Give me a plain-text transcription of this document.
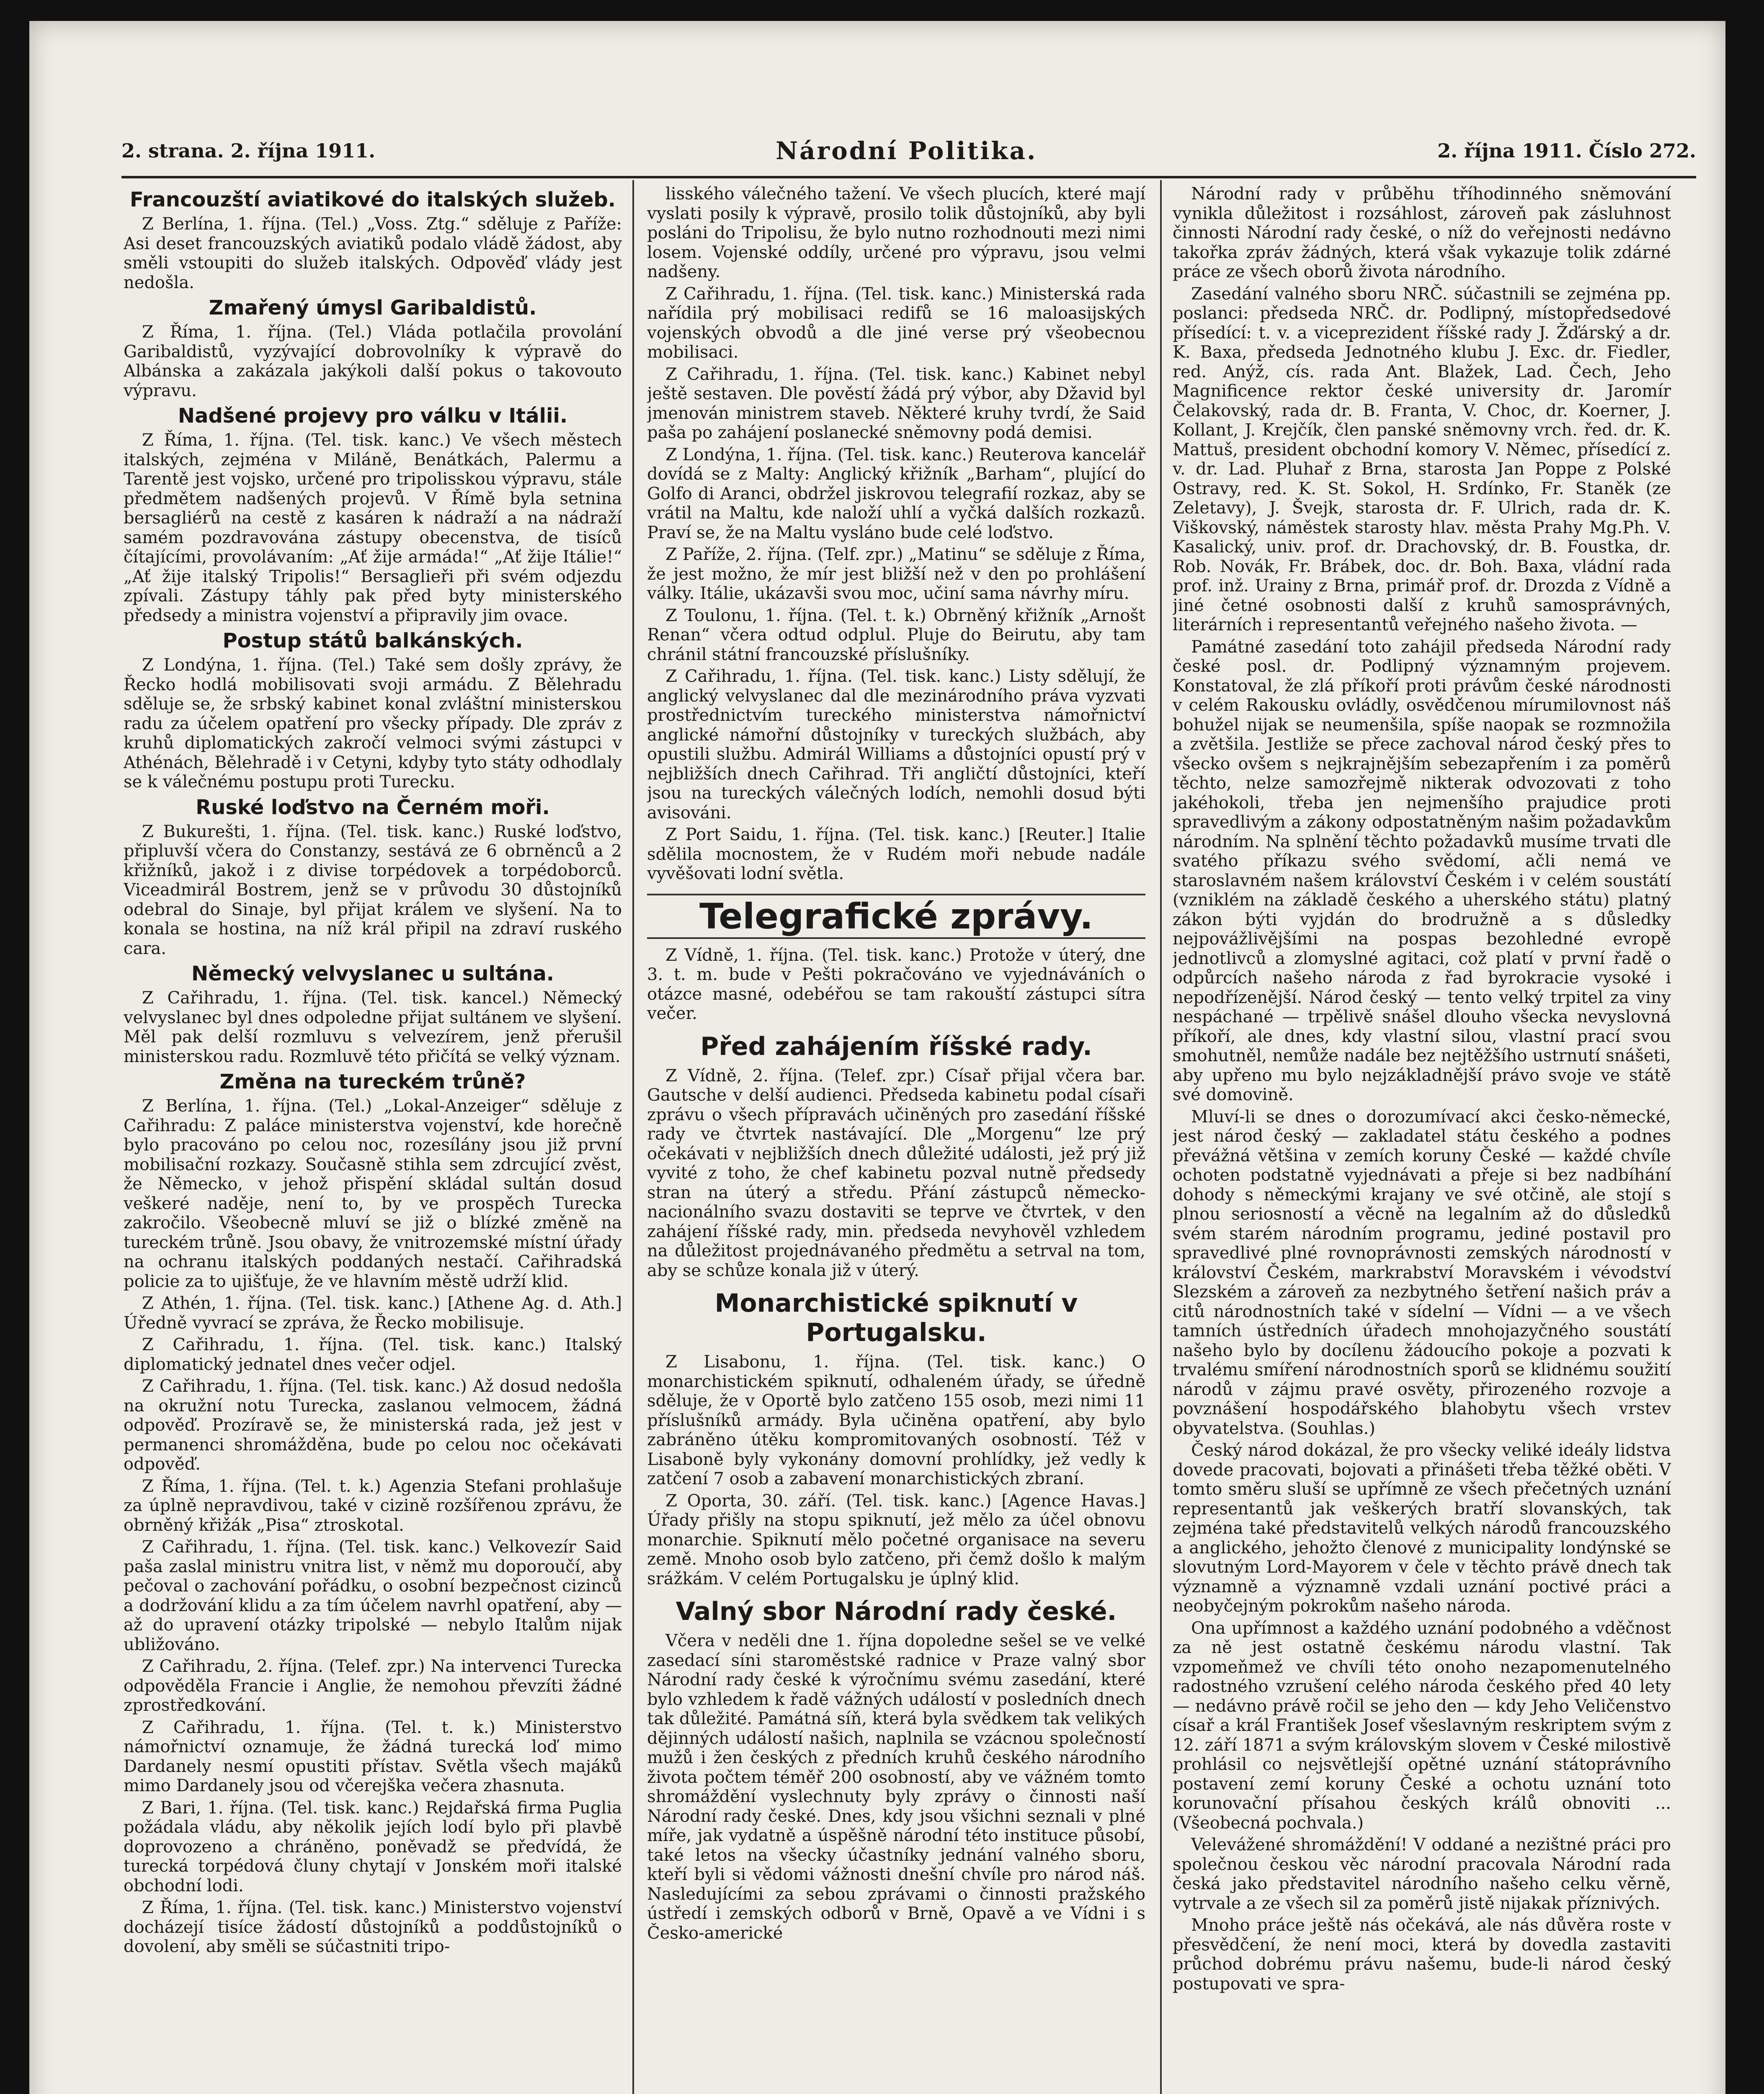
2. strana. 2. října 1911.	Národní Politika.	2. října 1911. Číslo 272.
Francouzští aviatikové do italských služeb.

Z Berlína, 1. října. (Tel.) „Voss. Ztg.“ sděluje z Paříže: Asi deset francouzských aviatiků podalo vládě žádost, aby směli vstoupiti do služeb italských. Odpověď vlády jest nedošla.

Zmařený úmysl Garibaldistů.

Z Říma, 1. října. (Tel.) Vláda potlačila provolání Garibaldistů, vyzývající dobrovolníky k výpravě do Albánska a zakázala jakýkoli další pokus o takovouto výpravu.

Nadšené projevy pro válku v Itálii.

Z Říma, 1. října. (Tel. tisk. kanc.) Ve všech městech italských, zejména v Miláně, Benátkách, Palermu a Tarentě jest vojsko, určené pro tripolisskou výpravu, stále předmětem nadšených projevů. V Římě byla setnina bersagliérů na cestě z kasáren k nádraží a na nádraží samém pozdravována zástupy obecenstva, de tisíců čítajícími, provolávaním: „Ať žije armáda!“ „Ať žije Itálie!“ „Ať žije italský Tripolis!“ Bersaglieři při svém odjezdu zpívali. Zástupy táhly pak před byty ministerského předsedy a ministra vojenství a připravily jim ovace.

Postup států balkánských.

Z Londýna, 1. října. (Tel.) Také sem došly zprávy, že Řecko hodlá mobilisovati svoji armádu. Z Bělehradu sděluje se, že srbský kabinet konal zvláštní ministerskou radu za účelem opatření pro všecky případy. Dle zpráv z kruhů diplomatických zakročí velmoci svými zástupci v Athénách, Bělehradě i v Cetyni, kdyby tyto státy odhodlaly se k válečnému postupu proti Turecku.

Ruské loďstvo na Černém moři.

Z Bukurešti, 1. října. (Tel. tisk. kanc.) Ruské loďstvo, připluvší včera do Constanzy, sestává ze 6 obrněnců a 2 křižníků, jakož i z divise torpédovek a torpédoborců. Viceadmirál Bostrem, jenž se v průvodu 30 důstojníků odebral do Sinaje, byl přijat králem ve slyšení. Na to konala se hostina, na níž král připil na zdraví ruského cara.

Německý velvyslanec u sultána.

Z Cařihradu, 1. října. (Tel. tisk. kancel.) Německý velvyslanec byl dnes odpoledne přijat sultánem ve slyšení. Měl pak delší rozmluvu s velvezírem, jenž přerušil ministerskou radu. Rozmluvě této přičítá se velký význam.

Změna na tureckém trůně?

Z Berlína, 1. října. (Tel.) „Lokal-Anzeiger“ sděluje z Cařihradu: Z paláce ministerstva vojenství, kde horečně bylo pracováno po celou noc, rozesílány jsou již první mobilisační rozkazy. Současně stihla sem zdrcující zvěst, že Německo, v jehož přispění skládal sultán dosud veškeré naděje, není to, by ve prospěch Turecka zakročilo. Všeobecně mluví se již o blízké změně na tureckém trůně. Jsou obavy, že vnitrozemské místní úřady na ochranu italských poddaných nestačí. Cařihradská policie za to ujišťuje, že ve hlavním městě udrží klid.

Z Athén, 1. října. (Tel. tisk. kanc.) [Athene Ag. d. Ath.] Úředně vyvrací se zpráva, že Řecko mobilisuje.

Z Cařihradu, 1. října. (Tel. tisk. kanc.) Italský diplomatický jednatel dnes večer odjel.

Z Cařihradu, 1. října. (Tel. tisk. kanc.) Až dosud nedošla na okružní notu Turecka, zaslanou velmocem, žádná odpověď. Prozíravě se, že ministerská rada, jež jest v permanenci shromážděna, bude po celou noc očekávati odpověď.

Z Říma, 1. října. (Tel. t. k.) Agenzia Stefani prohlašuje za úplně nepravdivou, také v cizině rozšířenou zprávu, že obrněný křižák „Pisa“ ztroskotal.

Z Cařihradu, 1. října. (Tel. tisk. kanc.) Velkovezír Said paša zaslal ministru vnitra list, v němž mu doporoučí, aby pečoval o zachování pořádku, o osobní bezpečnost cizinců a dodržování klidu a za tím účelem navrhl opatření, aby — až do upravení otázky tripolské — nebylo Italům nijak ubližováno.

Z Cařihradu, 2. října. (Telef. zpr.) Na intervenci Turecka odpověděla Francie i Anglie, že nemohou převzíti žádné zprostředkování.

Z Cařihradu, 1. října. (Tel. t. k.) Ministerstvo námořnictví oznamuje, že žádná turecká loď mimo Dardanely nesmí opustiti přístav. Světla všech majáků mimo Dardanely jsou od včerejška večera zhasnuta.

Z Bari, 1. října. (Tel. tisk. kanc.) Rejdařská firma Puglia požádala vládu, aby několik jejích lodí bylo při plavbě doprovozeno a chráněno, poněvadž se předvídá, že turecká torpédová čluny chytají v Jonském moři italské obchodní lodi.

Z Říma, 1. října. (Tel. tisk. kanc.) Ministerstvo vojenství docházejí tisíce žádostí důstojníků a poddůstojníků o dovolení, aby směli se súčastniti tripo-

lisského válečného tažení. Ve všech plucích, které mají vyslati posily k výpravě, prosilo tolik důstojníků, aby byli posláni do Tripolisu, že bylo nutno rozhodnouti mezi nimi losem. Vojenské oddíly, určené pro výpravu, jsou velmi nadšeny.

Z Cařihradu, 1. října. (Tel. tisk. kanc.) Ministerská rada nařídila prý mobilisaci redifů se 16 maloasijských vojenských obvodů a dle jiné verse prý všeobecnou mobilisaci.

Z Cařihradu, 1. října. (Tel. tisk. kanc.) Kabinet nebyl ještě sestaven. Dle pověstí žádá prý výbor, aby Džavid byl jmenován ministrem staveb. Některé kruhy tvrdí, že Said paša po zahájení poslanecké sněmovny podá demisi.

Z Londýna, 1. října. (Tel. tisk. kanc.) Reuterova kancelář dovídá se z Malty: Anglický křižník „Barham“, plující do Golfo di Aranci, obdržel jiskrovou telegrafií rozkaz, aby se vrátil na Maltu, kde naloží uhlí a vyčká dalších rozkazů. Praví se, že na Maltu vysláno bude celé loďstvo.

Z Paříže, 2. října. (Telf. zpr.) „Matinu“ se sděluje z Říma, že jest možno, že mír jest bližší než v den po prohlášení války. Itálie, ukázavši svou moc, učiní sama návrhy míru.

Z Toulonu, 1. října. (Tel. t. k.) Obrněný křižník „Arnošt Renan“ včera odtud odplul. Pluje do Beirutu, aby tam chránil státní francouzské příslušníky.

Z Cařihradu, 1. října. (Tel. tisk. kanc.) Listy sdělují, že anglický velvyslanec dal dle mezinárodního práva vyzvati prostřednictvím tureckého ministerstva námořnictví anglické námořní důstojníky v tureckých službách, aby opustili službu. Admirál Williams a důstojníci opustí prý v nejbližších dnech Cařihrad. Tři angličtí důstojníci, kteří jsou na tureckých válečných lodích, nemohli dosud býti avisováni.

Z Port Saidu, 1. října. (Tel. tisk. kanc.) [Reuter.] Italie sdělila mocnostem, že v Rudém moři nebude nadále vyvěšovati lodní světla.

Telegrafické zprávy.

Z Vídně, 1. října. (Tel. tisk. kanc.) Protože v úterý, dne 3. t. m. bude v Pešti pokračováno ve vyjednáváních o otázce masné, odebéřou se tam rakouští zástupci sítra večer.

Před zahájením říšské rady.

Z Vídně, 2. října. (Telef. zpr.) Císař přijal včera bar. Gautsche v delší audienci. Předseda kabinetu podal císaři zprávu o všech přípravách učiněných pro zasedání říšské rady ve čtvrtek nastávající. Dle „Morgenu“ lze prý očekávati v nejbližších dnech důležité události, jež prý již vyvité z toho, že chef kabinetu pozval nutně předsedy stran na úterý a středu. Přání zástupců německo-nacionálního svazu dostaviti se teprve ve čtvrtek, v den zahájení říšské rady, min. předseda nevyhověl vzhledem na důležitost projednávaného předmětu a setrval na tom, aby se schůze konala již v úterý.

Monarchistické spiknutí v Portugalsku.

Z Lisabonu, 1. října. (Tel. tisk. kanc.) O monarchistickém spiknutí, odhaleném úřady, se úředně sděluje, že v Oportě bylo zatčeno 155 osob, mezi nimi 11 příslušníků armády. Byla učiněna opatření, aby bylo zabráněno útěku kompromitovaných osobností. Též v Lisaboně byly vykonány domovní prohlídky, jež vedly k zatčení 7 osob a zabavení monarchistických zbraní.

Z Oporta, 30. září. (Tel. tisk. kanc.) [Agence Havas.] Úřady přišly na stopu spiknutí, jež mělo za účel obnovu monarchie. Spiknutí mělo početné organisace na severu země. Mnoho osob bylo zatčeno, při čemž došlo k malým srážkám. V celém Portugalsku je úplný klid.

Valný sbor Národní rady české.

Včera v neděli dne 1. října dopoledne sešel se ve velké zasedací síni staroměstské radnice v Praze valný sbor Národní rady české k výročnímu svému zasedání, které bylo vzhledem k řadě vážných událostí v posledních dnech tak důležité. Památná síň, která byla svědkem tak velikých dějinných událostí našich, naplnila se vzácnou společností mužů i žen českých z předních kruhů českého národního života počtem téměř 200 osobností, aby ve vážném tomto shromáždění vyslechnuty byly zprávy o činnosti naší Národní rady české. Dnes, kdy jsou všichni seznali v plné míře, jak vydatně a úspěšně národní této instituce působí, také letos na všecky účastníky jednání valného sboru, kteří byli si vědomi vážnosti dnešní chvíle pro národ náš. Nasledujícími za sebou zprávami o činnosti pražského ústředí i zemských odborů v Brně, Opavě a ve Vídni i s Česko-americké

Národní rady v průběhu tříhodinného sněmování vynikla důležitost i rozsáhlost, zároveň pak zásluhnost činnosti Národní rady české, o níž do veřejnosti nedávno takořka zpráv žádných, která však vykazuje tolik zdárné práce ze všech oborů života národního.

Zasedání valného sboru NRČ. súčastnili se zejména pp. poslanci: předseda NRČ. dr. Podlipný, místopředsedové přísedící: t. v. a viceprezident říšské rady J. Žďárský a dr. K. Baxa, předseda Jednotného klubu J. Exc. dr. Fiedler, red. Anýž, cís. rada Ant. Blažek, Lad. Čech, Jeho Magnificence rektor české university dr. Jaromír Čelakovský, rada dr. B. Franta, V. Choc, dr. Koerner, J. Kollant, J. Krejčík, člen panské sněmovny vrch. řed. dr. K. Mattuš, president obchodní komory V. Němec, přísedící z. v. dr. Lad. Pluhař z Brna, starosta Jan Poppe z Polské Ostravy, red. K. St. Sokol, H. Srdínko, Fr. Staněk (ze Zeletavy), J. Švejk, starosta dr. F. Ulrich, rada dr. K. Viškovský, náměstek starosty hlav. města Prahy Mg.Ph. V. Kasalický, univ. prof. dr. Drachovský, dr. B. Foustka, dr. Rob. Novák, Fr. Brábek, doc. dr. Boh. Baxa, vládní rada prof. inž. Urainy z Brna, primář prof. dr. Drozda z Vídně a jiné četné osobnosti další z kruhů samosprávných, literárních i representantů veřejného našeho života. —

Památné zasedání toto zahájil předseda Národní rady české posl. dr. Podlipný významným projevem. Konstatoval, že zlá příkoří proti právům české národnosti v celém Rakousku ovládly, osvědčenou mírumilovnost náš bohužel nijak se neumenšila, spíše naopak se rozmnožila a zvětšila. Jestliže se přece zachoval národ český přes to všecko ovšem s nejkrajnějším sebezapřením i za poměrů těchto, nelze samozřejmě nikterak odvozovati z toho jakéhokoli, třeba jen nejmenšího prajudice proti spravedlivým a zákony odpostatněným našim požadavkům národním. Na splnění těchto požadavků musíme trvati dle svatého příkazu svého svědomí, ačli nemá ve staroslavném našem království Českém i v celém soustátí (vzniklém na základě českého a uherského státu) platný zákon býti vyjdán do brodružně a s důsledky nejpovážlivějšími na pospas bezohledné evropě jednotlivců a zlomyslné agitaci, což platí v první řadě o odpůrcích našeho národa z řad byrokracie vysoké i nepodřízenější. Národ český — tento velký trpitel za viny nespáchané — trpělivě snášel dlouho všecka nevyslovná příkoří, ale dnes, kdy vlastní silou, vlastní prací svou smohutněl, nemůže nadále bez nejtěžšího ustrnutí snášeti, aby upřeno mu bylo nejzákladnější právo svoje ve státě své domovině.

Mluví-li se dnes o dorozumívací akci česko-německé, jest národ český — zakladatel státu českého a podnes převážná většina v zemích koruny České — každé chvíle ochoten podstatně vyjednávati a přeje si bez nadbíhání dohody s německými krajany ve své otčině, ale stojí s plnou seriosností a věcně na legalním až do důsledků svém starém národním programu, jediné postavil pro spravedlivé plné rovnoprávnosti zemských národností v království Českém, markrabství Moravském i vévodství Slezském a zároveň za nezbytného šetření našich práv a citů národnostních také v sídelní — Vídni — a ve všech tamních ústředních úřadech mnohojazyčného soustátí našeho bylo by docílenu žádoucího pokoje a pozvati k trvalému smíření národnostních sporů se klidnému soužití národů v zájmu pravé osvěty, přirozeného rozvoje a povznášení hospodářského blahobytu všech vrstev obyvatelstva. (Souhlas.)

Český národ dokázal, že pro všecky veliké ideály lidstva dovede pracovati, bojovati a přinášeti třeba těžké oběti. V tomto směru sluší se upřímně ze všech přečetných uznání representantů jak veškerých bratří slovanských, tak zejména také představitelů velkých národů francouzského a anglického, jehožto členové z municipality londýnské se slovutným Lord-Mayorem v čele v těchto právě dnech tak významně a významně vzdali uznání poctivé práci a neobyčejným pokrokům našeho národa.

Ona upřímnost a každého uznání podobného a vděčnost za ně jest ostatně českému národu vlastní. Tak vzpomeňmež ve chvíli této onoho nezapomenutelného radostného vzrušení celého národa českého před 40 lety — nedávno právě ročil se jeho den — kdy Jeho Veličenstvo císař a král František Josef všeslavným reskriptem svým z 12. září 1871 a svým královským slovem v České milostivě prohlásil co nejsvětlejší opětné uznání státoprávního postavení zemí koruny České a ochotu uznání toto korunovační přísahou českých králů obnoviti ... (Všeobecná pochvala.)

Velevážené shromáždění! V oddané a nezištné práci pro společnou českou věc národní pracovala Národní rada česká jako představitel národního našeho celku věrně, vytrvale a ze všech sil za poměrů jistě nijakak příznivých.

Mnoho práce ještě nás očekává, ale nás důvěra roste v přesvědčení, že není moci, která by dovedla zastaviti průchod dobrému právu našemu, bude-li národ český postupovati ve spra-
